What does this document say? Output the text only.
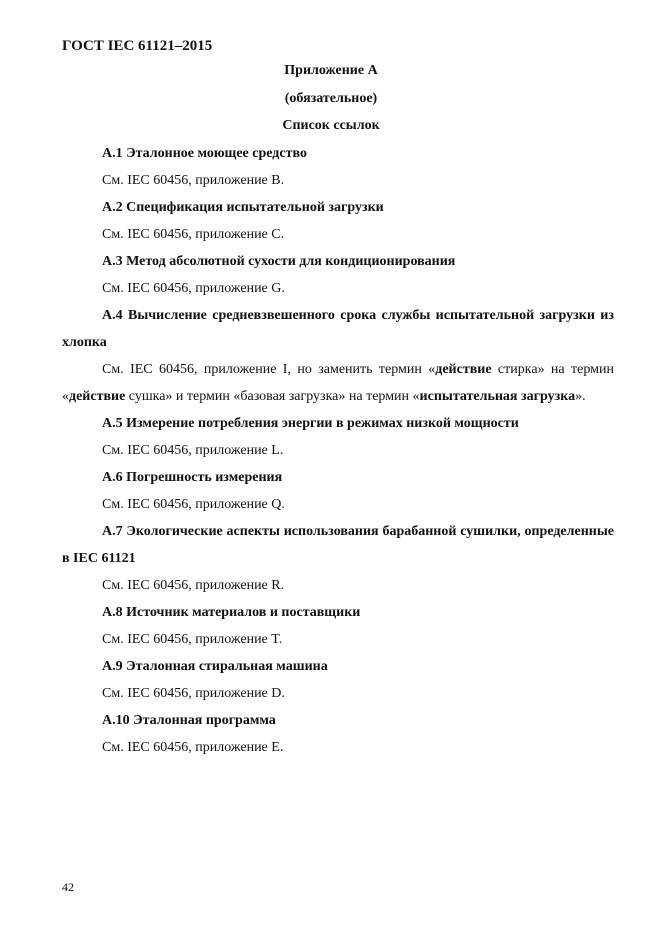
ГОСТ IEC 61121–2015
Приложение А
(обязательное)
Список ссылок

А.1 Эталонное моющее средство

См. IEC 60456, приложение В.

А.2 Спецификация испытательной загрузки

См. IEC 60456, приложение С.

А.3 Метод абсолютной сухости для кондиционирования

См. IEC 60456, приложение G.

А.4 Вычисление средневзвешенного срока службы испытательной загрузки из хлопка

См. IEC 60456, приложение I, но заменить термин «действие стирка» на термин «действие сушка» и термин «базовая загрузка» на термин «испытательная загрузка».

А.5 Измерение потребления энергии в режимах низкой мощности

См. IEC 60456, приложение L.

А.6 Погрешность измерения

См. IEC 60456, приложение Q.

А.7 Экологические аспекты использования барабанной сушилки, определенные в IEC 61121

См. IEC 60456, приложение R.

А.8 Источник материалов и поставщики

См. IEC 60456, приложение T.

А.9 Эталонная стиральная машина

См. IEC 60456, приложение D.

А.10 Эталонная программа

См. IEC 60456, приложение E.

42
